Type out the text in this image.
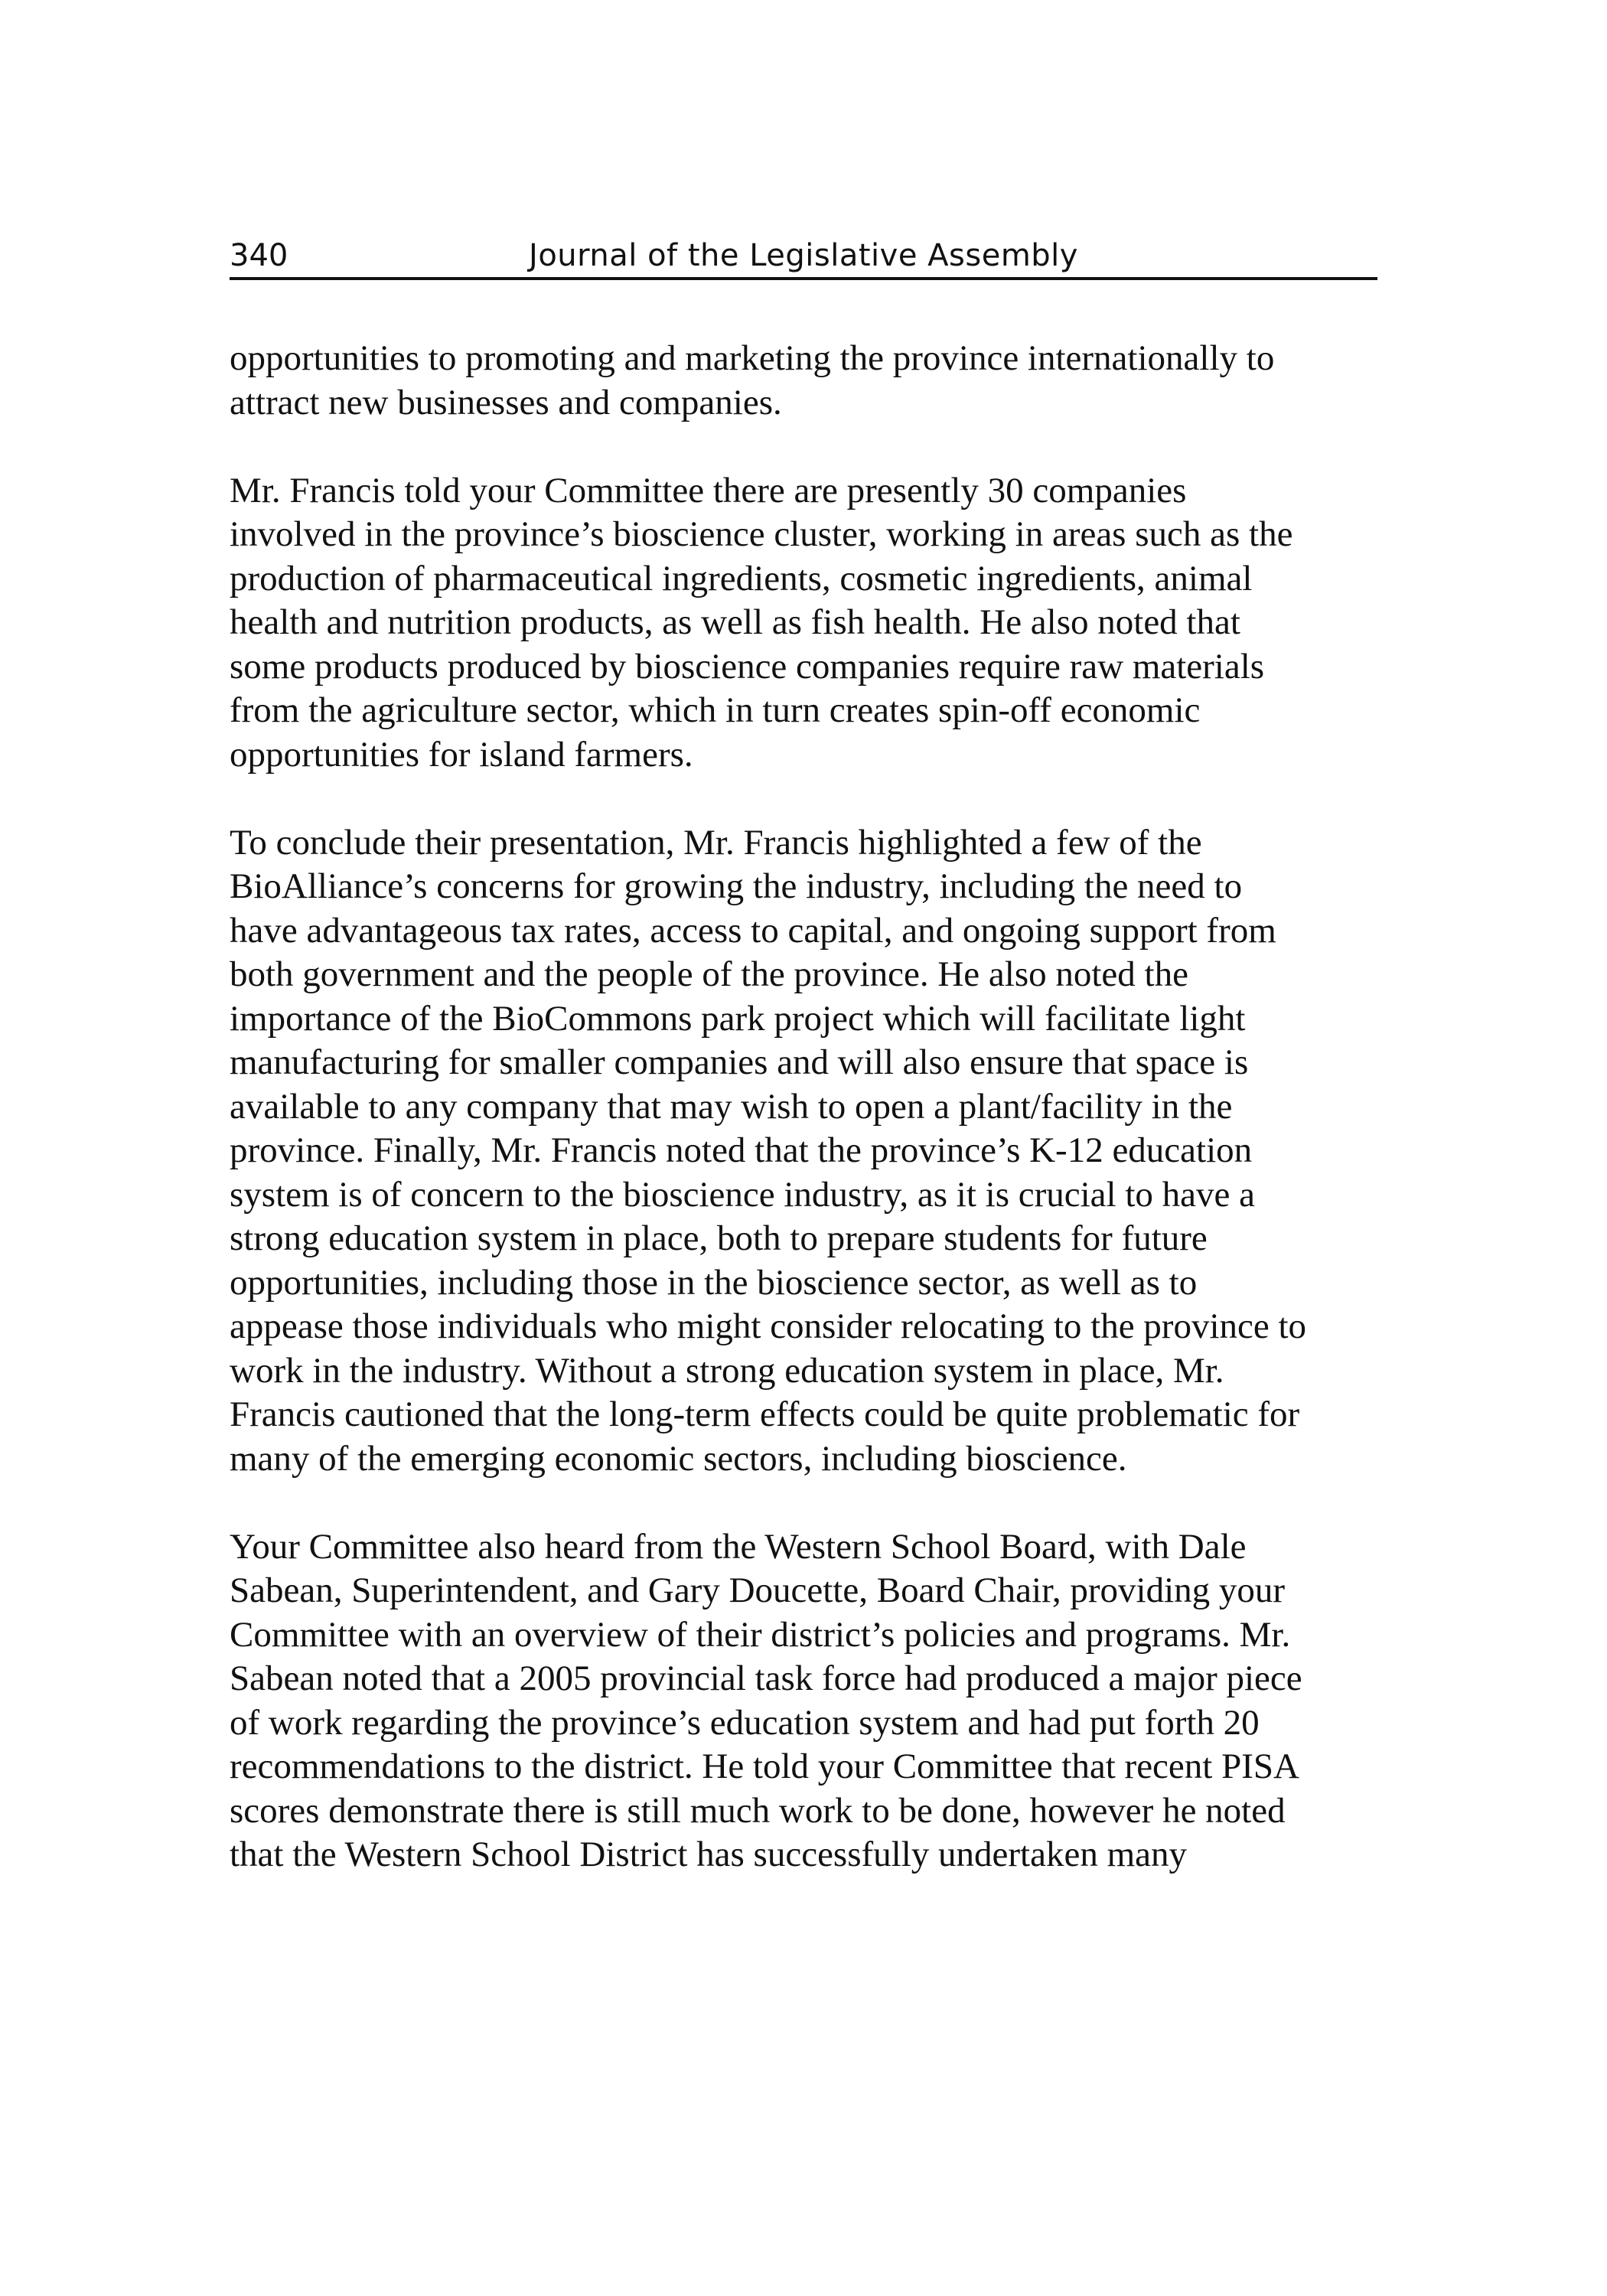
340	Journal of the Legislative Assembly

opportunities to promoting and marketing the province internationally to
attract new businesses and companies.

Mr. Francis told your Committee there are presently 30 companies
involved in the province’s bioscience cluster, working in areas such as the
production of pharmaceutical ingredients, cosmetic ingredients, animal
health and nutrition products, as well as fish health. He also noted that
some products produced by bioscience companies require raw materials
from the agriculture sector, which in turn creates spin-off economic
opportunities for island farmers.

To conclude their presentation, Mr. Francis highlighted a few of the
BioAlliance’s concerns for growing the industry, including the need to
have advantageous tax rates, access to capital, and ongoing support from
both government and the people of the province. He also noted the
importance of the BioCommons park project which will facilitate light
manufacturing for smaller companies and will also ensure that space is
available to any company that may wish to open a plant/facility in the
province. Finally, Mr. Francis noted that the province’s K-12 education
system is of concern to the bioscience industry, as it is crucial to have a
strong education system in place, both to prepare students for future
opportunities, including those in the bioscience sector, as well as to
appease those individuals who might consider relocating to the province to
work in the industry. Without a strong education system in place, Mr.
Francis cautioned that the long-term effects could be quite problematic for
many of the emerging economic sectors, including bioscience.

Your Committee also heard from the Western School Board, with Dale
Sabean, Superintendent, and Gary Doucette, Board Chair, providing your
Committee with an overview of their district’s policies and programs. Mr.
Sabean noted that a 2005 provincial task force had produced a major piece
of work regarding the province’s education system and had put forth 20
recommendations to the district. He told your Committee that recent PISA
scores demonstrate there is still much work to be done, however he noted
that the Western School District has successfully undertaken many
